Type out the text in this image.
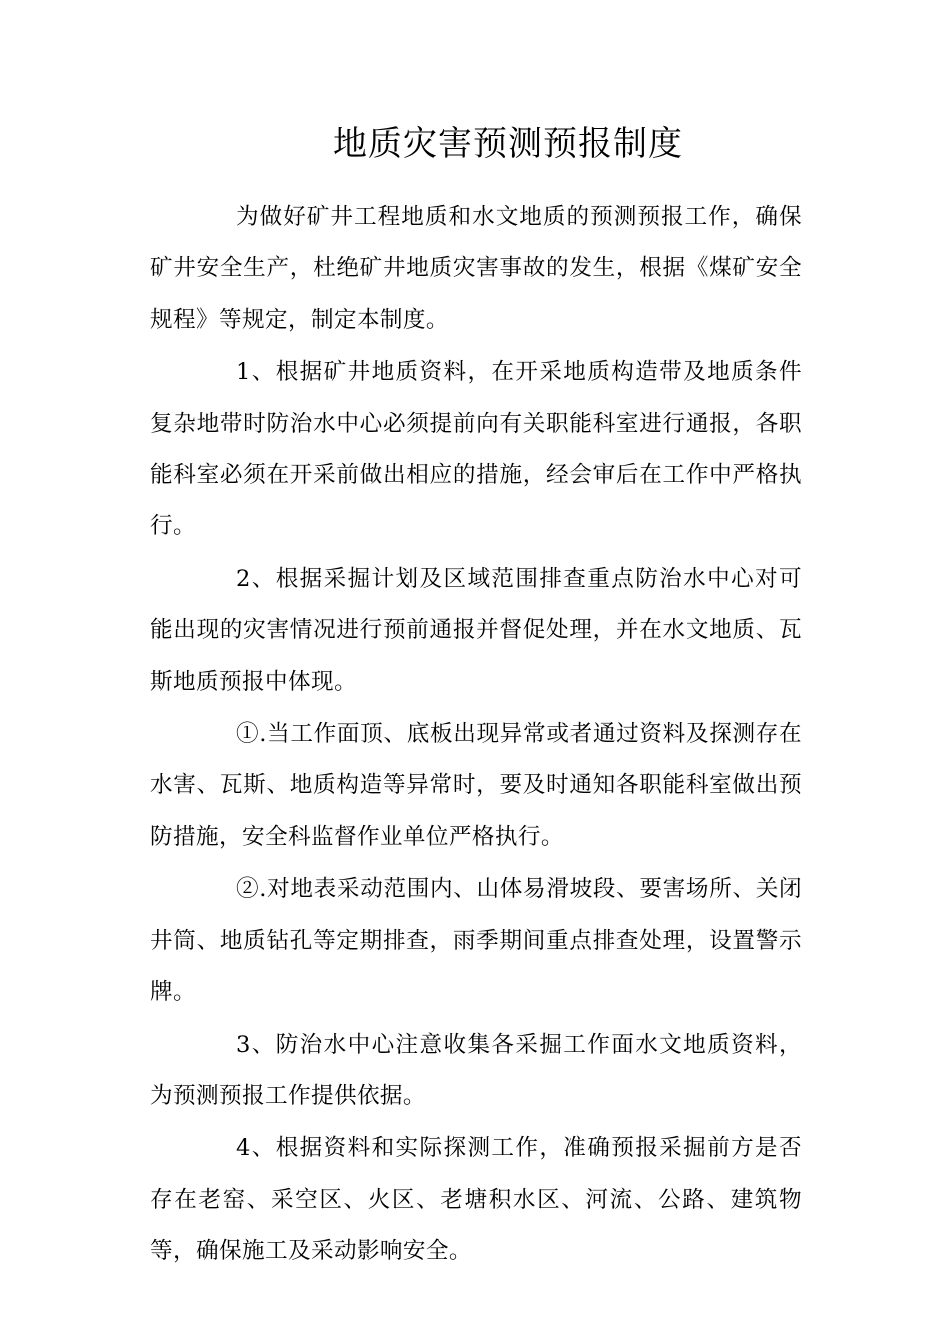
地质灾害预测预报制度

为做好矿井工程地质和水文地质的预测预报工作，确保矿井安全生产，杜绝矿井地质灾害事故的发生，根据《煤矿安全规程》等规定，制定本制度。

1、根据矿井地质资料，在开采地质构造带及地质条件复杂地带时防治水中心必须提前向有关职能科室进行通报，各职能科室必须在开采前做出相应的措施，经会审后在工作中严格执行。

2、根据采掘计划及区域范围排查重点防治水中心对可能出现的灾害情况进行预前通报并督促处理，并在水文地质、瓦斯地质预报中体现。

①.当工作面顶、底板出现异常或者通过资料及探测存在水害、瓦斯、地质构造等异常时，要及时通知各职能科室做出预防措施，安全科监督作业单位严格执行。

②.对地表采动范围内、山体易滑坡段、要害场所、关闭井筒、地质钻孔等定期排查，雨季期间重点排查处理，设置警示牌。

3、防治水中心注意收集各采掘工作面水文地质资料，为预测预报工作提供依据。

4、根据资料和实际探测工作，准确预报采掘前方是否存在老窑、采空区、火区、老塘积水区、河流、公路、建筑物等，确保施工及采动影响安全。
